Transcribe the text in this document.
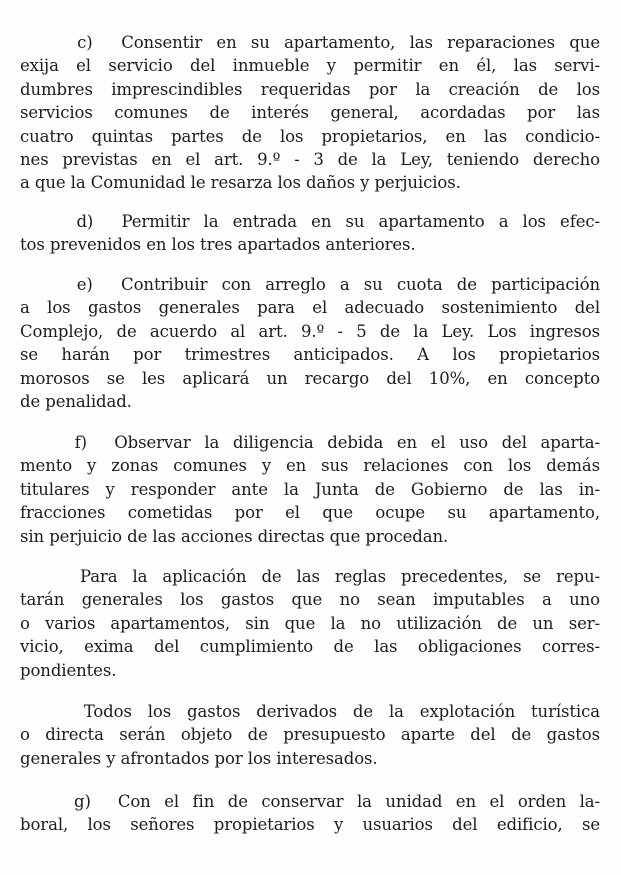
c)  Consentir en su apartamento, las reparaciones que
exija el servicio del inmueble y permitir en él, las servi-
dumbres imprescindibles requeridas por la creación de los
servicios comunes de interés general, acordadas por las
cuatro quintas partes de los propietarios, en las condicio-
nes previstas en el art. 9.º - 3 de la Ley, teniendo derecho
a que la Comunidad le resarza los daños y perjuicios.
d)  Permitir la entrada en su apartamento a los efec-
tos prevenidos en los tres apartados anteriores.
e)  Contribuir con arreglo a su cuota de participación
a los gastos generales para el adecuado sostenimiento del
Complejo, de acuerdo al art. 9.º - 5 de la Ley. Los ingresos
se harán por trimestres anticipados. A los propietarios
morosos se les aplicará un recargo del 10%, en concepto
de penalidad.
f)  Observar la diligencia debida en el uso del aparta-
mento y zonas comunes y en sus relaciones con los demás
titulares y responder ante la Junta de Gobierno de las in-
fracciones cometidas por el que ocupe su apartamento,
sin perjuicio de las acciones directas que procedan.
Para la aplicación de las reglas precedentes, se repu-
tarán generales los gastos que no sean imputables a uno
o varios apartamentos, sin que la no utilización de un ser-
vicio, exima del cumplimiento de las obligaciones corres-
pondientes.
Todos los gastos derivados de la explotación turística
o directa serán objeto de presupuesto aparte del de gastos
generales y afrontados por los interesados.
g)  Con el fin de conservar la unidad en el orden la-
boral, los señores propietarios y usuarios del edificio, se
